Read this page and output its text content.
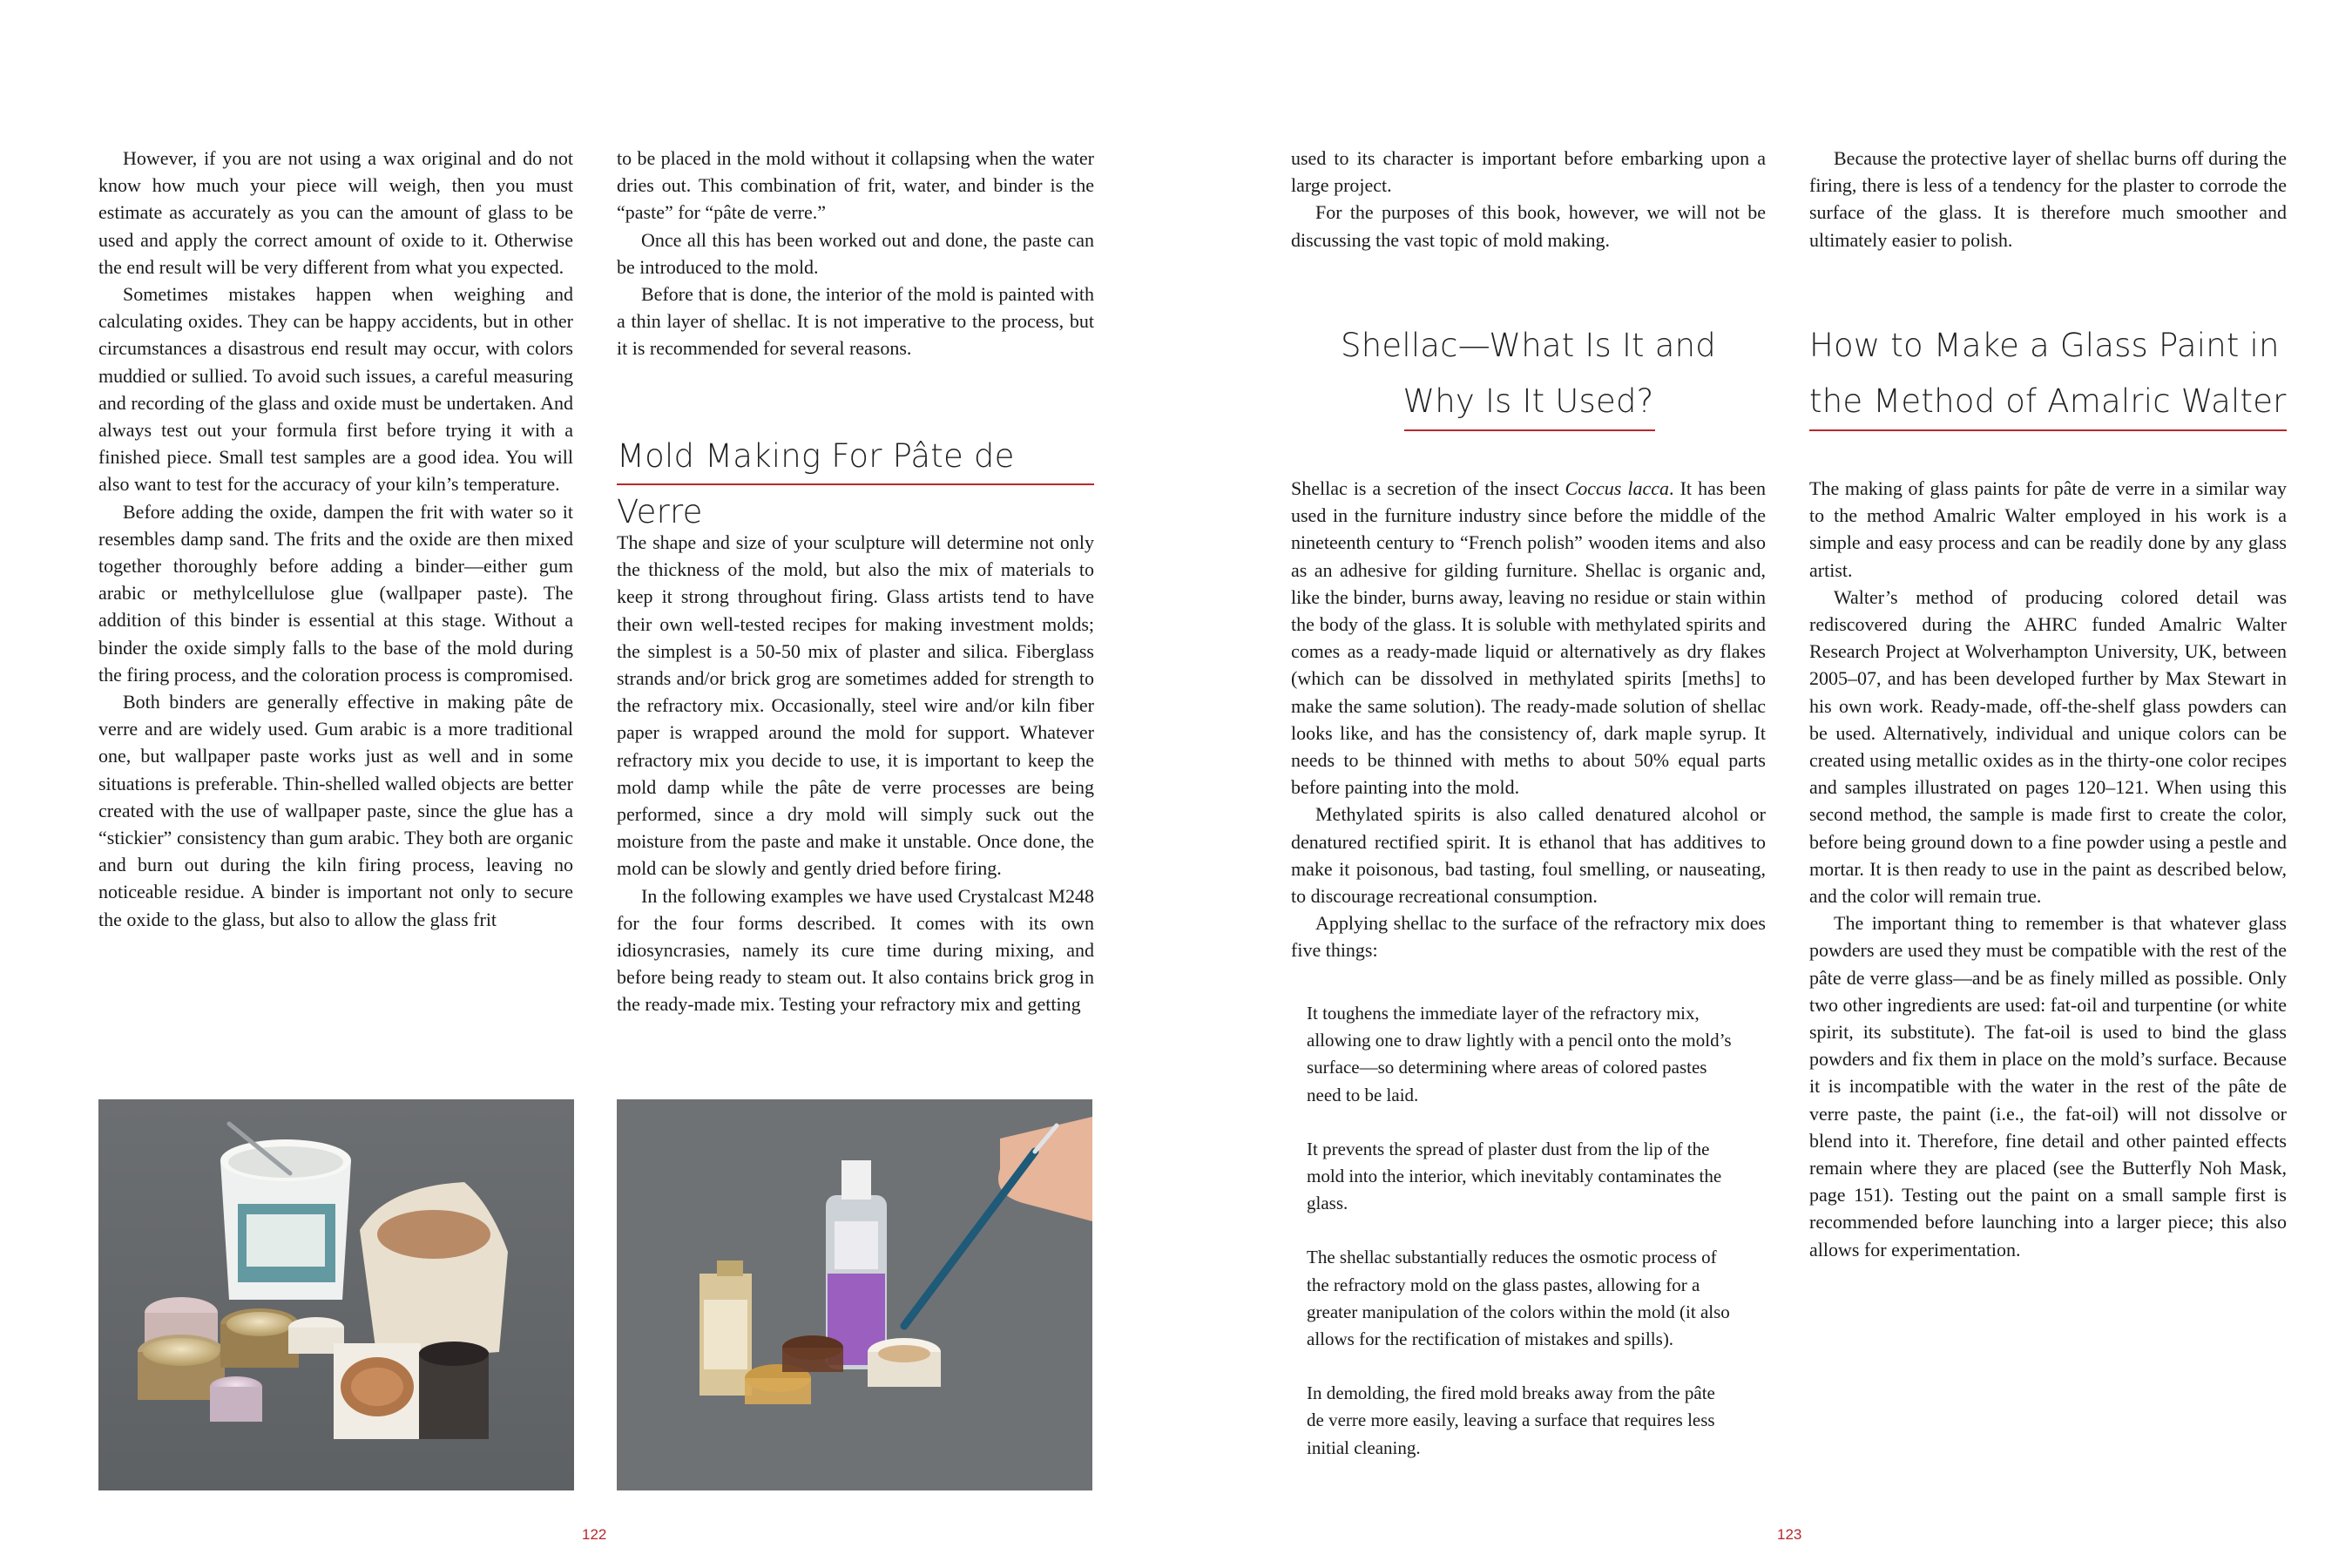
However, if you are not using a wax original and do not know how much your piece will weigh, then you must estimate as accurately as you can the amount of glass to be used and apply the correct amount of oxide to it. Otherwise the end result will be very different from what you expected.

Sometimes mistakes happen when weighing and calculating oxides. They can be happy accidents, but in other circumstances a disastrous end result may occur, with colors muddied or sullied. To avoid such issues, a careful measuring and recording of the glass and oxide must be undertaken. And always test out your formula first before trying it with a finished piece. Small test samples are a good idea. You will also want to test for the accuracy of your kiln’s temperature.

Before adding the oxide, dampen the frit with water so it resembles damp sand. The frits and the oxide are then mixed together thoroughly before adding a binder—either gum arabic or methylcellulose glue (wallpaper paste). The addition of this binder is essential at this stage. Without a binder the oxide simply falls to the base of the mold during the firing process, and the coloration process is compromised.

Both binders are generally effective in making pâte de verre and are widely used. Gum arabic is a more traditional one, but wallpaper paste works just as well and in some situations is preferable. Thin-shelled walled objects are better created with the use of wallpaper paste, since the glue has a “stickier” consistency than gum arabic. They both are organic and burn out during the kiln firing process, leaving no noticeable residue. A binder is important not only to secure the oxide to the glass, but also to allow the glass frit

to be placed in the mold without it collapsing when the water dries out. This combination of frit, water, and binder is the “paste” for “pâte de verre.”

Once all this has been worked out and done, the paste can be introduced to the mold.

Before that is done, the interior of the mold is painted with a thin layer of shellac. It is not imperative to the process, but it is recommended for several reasons.

Mold Making For Pâte de Verre

The shape and size of your sculpture will determine not only the thickness of the mold, but also the mix of materials to keep it strong throughout firing. Glass artists tend to have their own well-tested recipes for making investment molds; the simplest is a 50-50 mix of plaster and silica. Fiberglass strands and/or brick grog are sometimes added for strength to the refractory mix. Occasionally, steel wire and/or kiln fiber paper is wrapped around the mold for support. Whatever refractory mix you decide to use, it is important to keep the mold damp while the pâte de verre processes are being performed, since a dry mold will simply suck out the moisture from the paste and make it unstable. Once done, the mold can be slowly and gently dried before firing.

In the following examples we have used Crystalcast M248 for the four forms described. It comes with its own idiosyncrasies, namely its cure time during mixing, and before being ready to steam out. It also contains brick grog in the ready-made mix. Testing your refractory mix and getting

122

used to its character is important before embarking upon a large project.

For the purposes of this book, however, we will not be discussing the vast topic of mold making.

Shellac—What Is It and
Why Is It Used?

Shellac is a secretion of the insect Coccus lacca. It has been used in the furniture industry since before the middle of the nineteenth century to “French polish” wooden items and also as an adhesive for gilding furniture. Shellac is organic and, like the binder, burns away, leaving no residue or stain within the body of the glass. It is soluble with methylated spirits and comes as a ready-made liquid or alternatively as dry flakes (which can be dissolved in methylated spirits [meths] to make the same solution). The ready-made solution of shellac looks like, and has the consistency of, dark maple syrup. It needs to be thinned with meths to about 50% equal parts before painting into the mold.

Methylated spirits is also called denatured alcohol or denatured rectified spirit. It is ethanol that has additives to make it poisonous, bad tasting, foul smelling, or nauseating, to discourage recreational consumption.

Applying shellac to the surface of the refractory mix does five things:

It toughens the immediate layer of the refractory mix, allowing one to draw lightly with a pencil onto the mold’s surface—so determining where areas of colored pastes need to be laid.

It prevents the spread of plaster dust from the lip of the mold into the interior, which inevitably contaminates the glass.

The shellac substantially reduces the osmotic process of the refractory mold on the glass pastes, allowing for a greater manipulation of the colors within the mold (it also allows for the rectification of mistakes and spills).

In demolding, the fired mold breaks away from the pâte de verre more easily, leaving a surface that requires less initial cleaning.

Because the protective layer of shellac burns off during the firing, there is less of a tendency for the plaster to corrode the surface of the glass. It is therefore much smoother and ultimately easier to polish.

How to Make a Glass Paint in
the Method of Amalric Walter

The making of glass paints for pâte de verre in a similar way to the method Amalric Walter employed in his work is a simple and easy process and can be readily done by any glass artist.

Walter’s method of producing colored detail was rediscovered during the AHRC funded Amalric Walter Research Project at Wolverhampton University, UK, between 2005–07, and has been developed further by Max Stewart in his own work. Ready-made, off-the-shelf glass powders can be used. Alternatively, individual and unique colors can be created using metallic oxides as in the thirty-one color recipes and samples illustrated on pages 120–121. When using this second method, the sample is made first to create the color, before being ground down to a fine powder using a pestle and mortar. It is then ready to use in the paint as described below, and the color will remain true.

The important thing to remember is that whatever glass powders are used they must be compatible with the rest of the pâte de verre glass—and be as finely milled as possible. Only two other ingredients are used: fat-oil and turpentine (or white spirit, its substitute). The fat-oil is used to bind the glass powders and fix them in place on the mold’s surface. Because it is incompatible with the water in the rest of the pâte de verre paste, the paint (i.e., the fat-oil) will not dissolve or blend into it. Therefore, fine detail and other painted effects remain where they are placed (see the Butterfly Noh Mask, page 151). Testing out the paint on a small sample first is recommended before launching into a larger piece; this also allows for experimentation.

123
